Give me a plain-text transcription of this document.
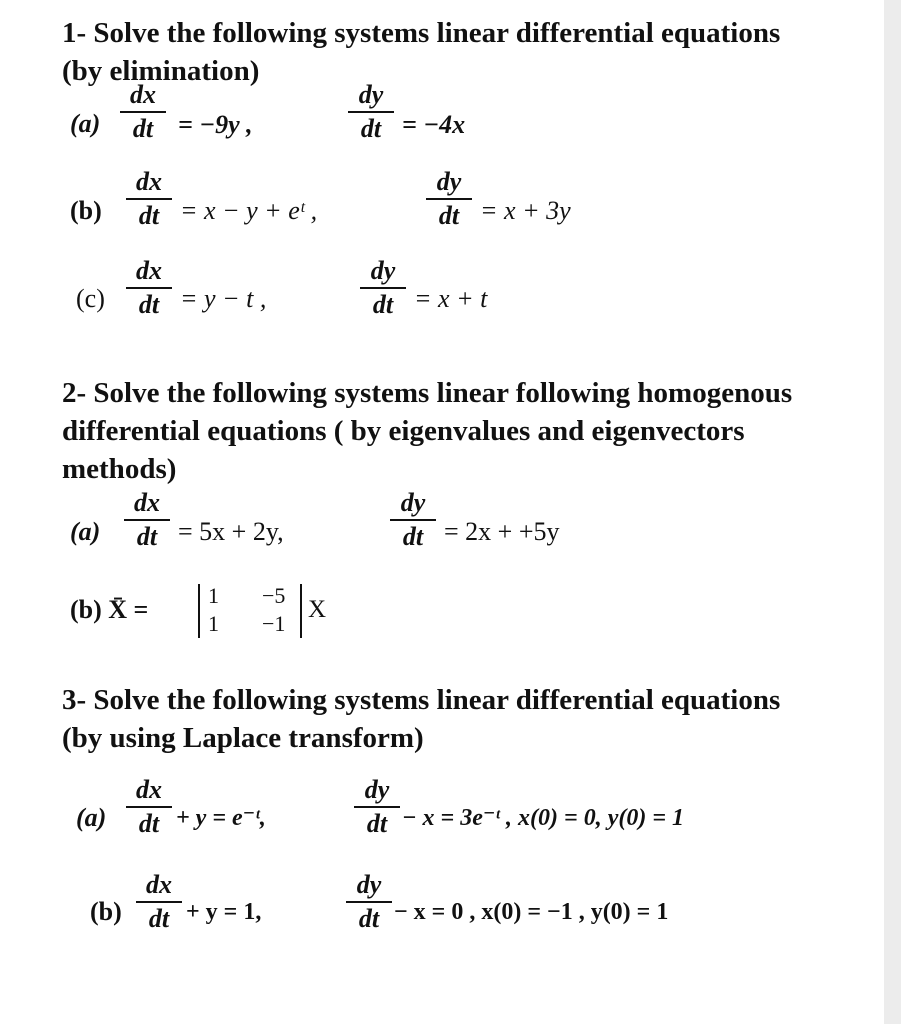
1- Solve the following systems linear differential equations
(by elimination)
(a)
dx
dt = −9y ,
dy
dt = −4x
(b)
dx
dt = x − y + eᵗ ,
dy
dt = x + 3y
(c)
dx
dt = y − t ,
dy
dt = x + t
2- Solve the following systems linear following homogenous
differential equations ( by eigenvalues and eigenvectors
methods)
(a)
dx
dt = 5x + 2y,
dy
dt = 2x + +5y
(b) X̄ =	1 −5
1 −1
X
3- Solve the following systems linear differential equations
(by using Laplace transform)
(a)
dx
dt + y = e⁻ᵗ,
dy
dt − x = 3e⁻ᵗ , x(0) = 0, y(0) = 1
(b)
dx
dt + y = 1,
dy
dt − x = 0 , x(0) = −1 , y(0) = 1
